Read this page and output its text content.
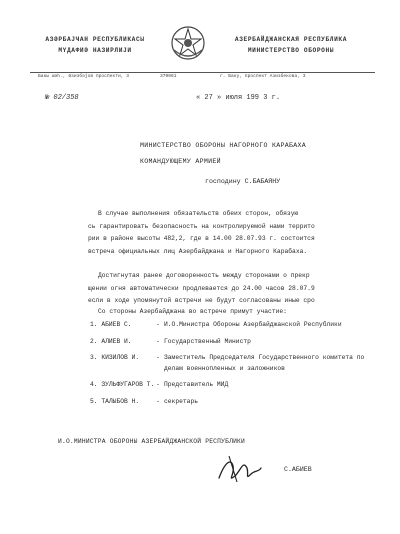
АЗӘРБАЈҸАН РЕСПУБЛИКАСЫ
МҮДАФИӘ НАЗИРЛИЈИ
АЗЕРБАЙДЖАНСКАЯ РЕСПУБЛИКА
МИНИСТЕРСТВО ОБОРОНЫ
Бакы шәһ., Әзизбәјов проспекти, 3	370061	г. Баку, проспект Азизбекова, 3
№ 02/358	« 27 » июля 199 3 г.
МИНИСТЕРСТВО ОБОРОНЫ НАГОРНОГО КАРАБАХА
КОМАНДУЮЩЕМУ АРМИЕЙ
господину С.БАБАЯНУ
В случае выполнения обязательств обеих сторон, обязую
сь гарантировать безопасность на контролируемой нами террито
рии в районе высоты 482,2, где в 14.00 28.07.93 г. состоится
встреча официальных лиц Азербайджана и Нагорного Карабаха.
Достигнутая ранее договоренность между сторонами о прекр
щении огня автоматически продлевается до 24.00 часов 28.07.9
если в ходе упомянутой встречи не будут согласованы иные сро
Со стороны Азербайджана во встрече примут участие:
1. АБИЕВ С.	- И.О.Министра Обороны Азербайджанской Республики
2. АЛИЕВ И.	- Государственный Министр
3. КИЗИЛОВ И.	- Заместитель Председателя Государственного комитета по делам военнопленных и заложников
4. ЗУЛЬФУГАРОВ Т. - Представитель МИД
5. ТАЛЫБОВ Н.	- секретарь
И.О.МИНИСТРА ОБОРОНЫ АЗЕРБАЙДЖАНСКОЙ РЕСПУБЛИКИ
С.АБИЕВ
